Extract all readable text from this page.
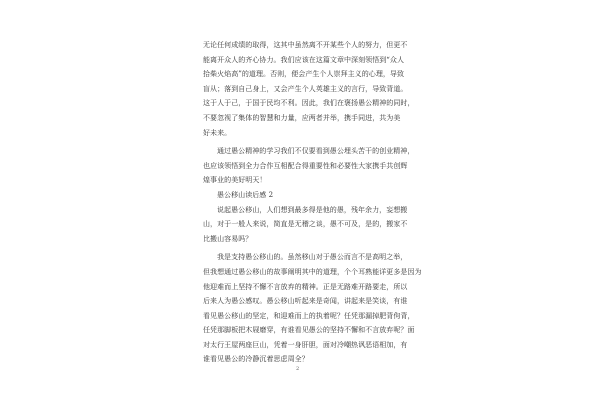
无论任何成绩的取得，这其中虽然离不开某些个人的努力，但更不
能离开众人的齐心协力。我们应该在这篇文章中深刻领悟到“众人
拾柴火焰高”的道理。否则，便会产生个人崇拜主义的心理，导致
盲从；落到自己身上，又会产生个人英雄主义的言行，导致背道。
这于人于己，于国于民均不利。因此，我们在褒扬愚公精神的同时，
不要忽视了集体的智慧和力量，应两者并举，携手同进，共为美
好未来。
通过愚公精神的学习我们不仅要看到愚公埋头苦干的创业精神，
也应该领悟到全力合作互相配合得重要性和必要性大家携手共创辉
煌事业的美好明天！
愚公移山读后感 2
说起愚公移山，人们想到最多得是他的愚，残年余力，妄想搬
山，对于一般人来说，简直是无稽之谈，愚不可及，是的，搬家不
比搬山容易吗？
我是支持愚公移山的。虽然移山对于愚公而言不是高明之举，
但我想通过愚公移山的故事阐明其中的道理，个个耳熟能详更多是因为
他迎难而上坚持不懈不言放弃的精神。正是无路难开路要走，所以
后来人为愚公感叹。愚公移山听起来是奇闻，讲起来是笑谈，有谁
看见愚公移山的坚定，和迎难而上的执着呢？任凭那漏掉肥背佝背，
任凭那脚板把木屐磨穿，有谁看见愚公的坚持不懈和不言放弃呢？面
对太行王屋两座巨山，凭着一身肝胆，面对冷嘲热讽恶语相加，有
谁看见愚公的冷静沉着思虑周全？
2
